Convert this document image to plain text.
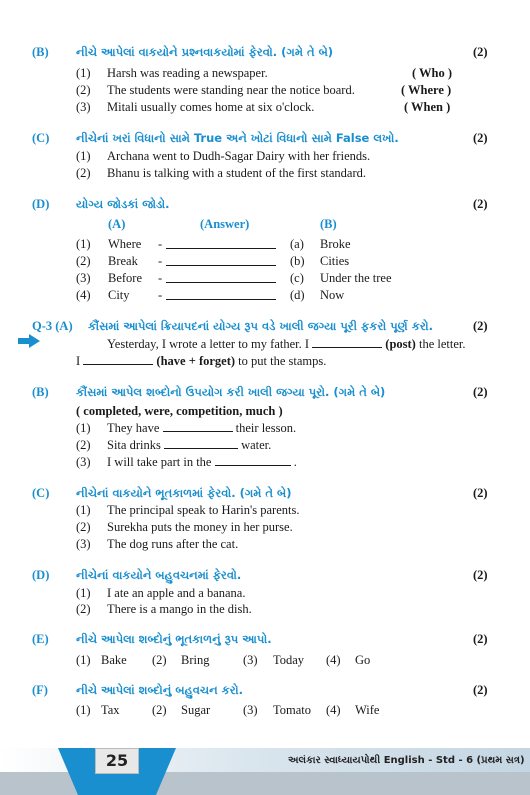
(B) નીચે આપેલાં વાકયોને પ્રશ્નવાકયોમાં ફેરવો. (ગમે તે બે)	(2)
(1) Harsh was reading a newspaper.	( Who )
(2) The students were standing near the notice board.	( Where )
(3) Mitali usually comes home at six o'clock.	( When )
(C) નીચેનાં ખરાં વિધાનો સામે True અને ખોટાં વિધાનો સામે False લખો.	(2)
(1) Archana went to Dudh-Sagar Dairy with her friends.
(2) Bhanu is talking with a student of the first standard.
(D) યોગ્ય જોડકાં જોડો.	(2)
(A)	(Answer)	(B)
(1) Where -	(a) Broke
(2) Break -	(b) Cities
(3) Before -	(c) Under the tree
(4) City -	(d) Now
Q-3 (A) કૌંસમાં આપેલાં ક્રિયાપદનાં યોગ્ય રૂપ વડે ખાલી જગ્યા પૂરી ફકરો પૂર્ણ કરો.	(2)
Yesterday, I wrote a letter to my father. I	(post) the letter.
I	(have + forget) to put the stamps.
(B) કૌંસમાં આપેલ શબ્દોનો ઉપયોગ કરી ખાલી જગ્યા પૂરો. (ગમે તે બે)	(2)
( completed, were, competition, much )
(1) They have	their lesson.
(2) Sita drinks	water.
(3) I will take part in the	.
(C) નીચેનાં વાકયોને ભૂતકાળમાં ફેરવો. (ગમે તે બે)	(2)
(1) The principal speak to Harin's parents.
(2) Surekha puts the money in her purse.
(3) The dog runs after the cat.
(D) નીચેનાં વાકયોને બહુવચનમાં ફેરવો.	(2)
(1) I ate an apple and a banana.
(2) There is a mango in the dish.
(E) નીચે આપેલા શબ્દોનું ભૂતકાળનું રૂપ આપો.	(2)
(1) Bake (2) Bring	(3) Today (4) Go
(F) નીચે આપેલાં શબ્દોનું બહુવચન કરો.	(2)
(1) Tax	(2) Sugar	(3) Tomato (4) Wife
25	અલંકાર સ્વાધ્યાયપોથી English - Std - 6 (પ્રથમ સત્ર)
